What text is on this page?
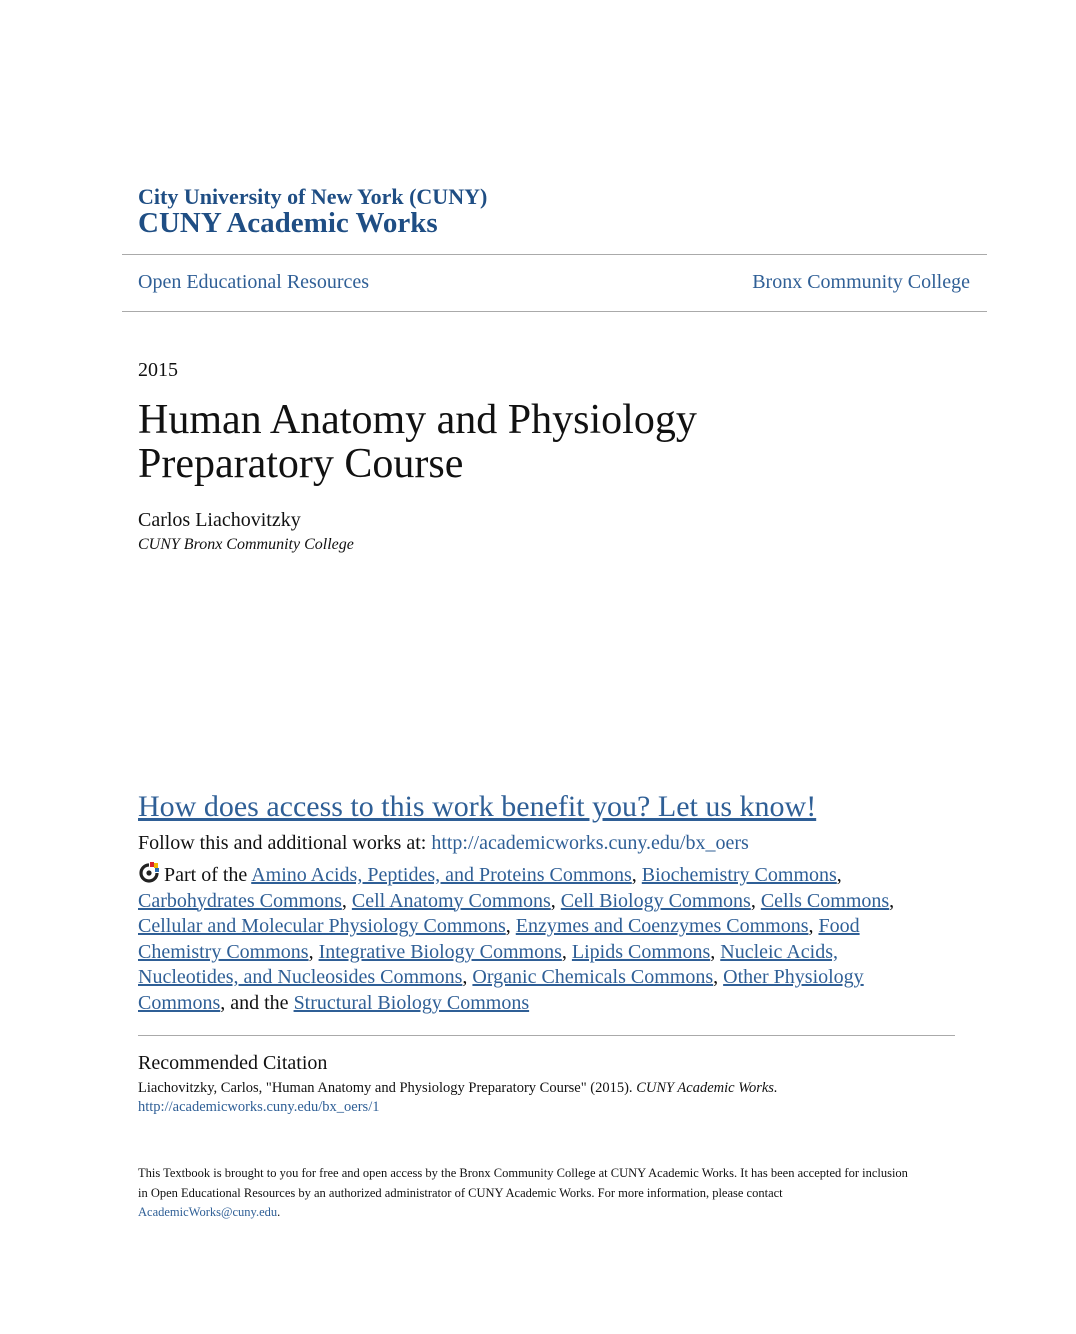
City University of New York (CUNY)
CUNY Academic Works
Open Educational Resources	Bronx Community College
2015
Human Anatomy and Physiology Preparatory Course
Carlos Liachovitzky
CUNY Bronx Community College
How does access to this work benefit you? Let us know!
Follow this and additional works at: http://academicworks.cuny.edu/bx_oers
Part of the Amino Acids, Peptides, and Proteins Commons, Biochemistry Commons, Carbohydrates Commons, Cell Anatomy Commons, Cell Biology Commons, Cells Commons, Cellular and Molecular Physiology Commons, Enzymes and Coenzymes Commons, Food Chemistry Commons, Integrative Biology Commons, Lipids Commons, Nucleic Acids, Nucleotides, and Nucleosides Commons, Organic Chemicals Commons, Other Physiology Commons, and the Structural Biology Commons
Recommended Citation
Liachovitzky, Carlos, "Human Anatomy and Physiology Preparatory Course" (2015). CUNY Academic Works.
http://academicworks.cuny.edu/bx_oers/1
This Textbook is brought to you for free and open access by the Bronx Community College at CUNY Academic Works. It has been accepted for inclusion in Open Educational Resources by an authorized administrator of CUNY Academic Works. For more information, please contact AcademicWorks@cuny.edu.
